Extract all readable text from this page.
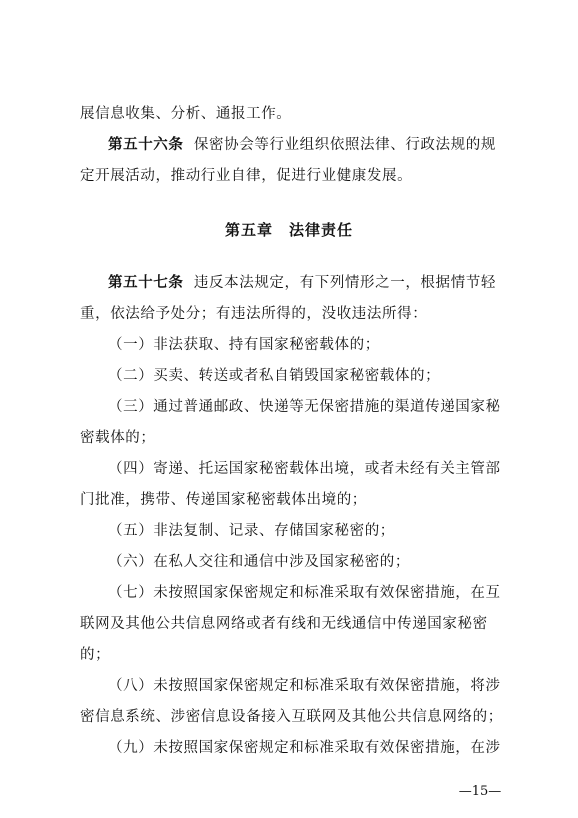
展信息收集、分析、通报工作。
第五十六条 保密协会等行业组织依照法律、行政法规的规
定开展活动，推动行业自律，促进行业健康发展。
第五章　法律责任
第五十七条 违反本法规定，有下列情形之一，根据情节轻
重，依法给予处分；有违法所得的，没收违法所得：
（一）非法获取、持有国家秘密载体的；
（二）买卖、转送或者私自销毁国家秘密载体的；
（三）通过普通邮政、快递等无保密措施的渠道传递国家秘
密载体的；
（四）寄递、托运国家秘密载体出境，或者未经有关主管部
门批准，携带、传递国家秘密载体出境的；
（五）非法复制、记录、存储国家秘密的；
（六）在私人交往和通信中涉及国家秘密的；
（七）未按照国家保密规定和标准采取有效保密措施，在互
联网及其他公共信息网络或者有线和无线通信中传递国家秘密
的；
（八）未按照国家保密规定和标准采取有效保密措施，将涉
密信息系统、涉密信息设备接入互联网及其他公共信息网络的；
（九）未按照国家保密规定和标准采取有效保密措施，在涉
—15—
